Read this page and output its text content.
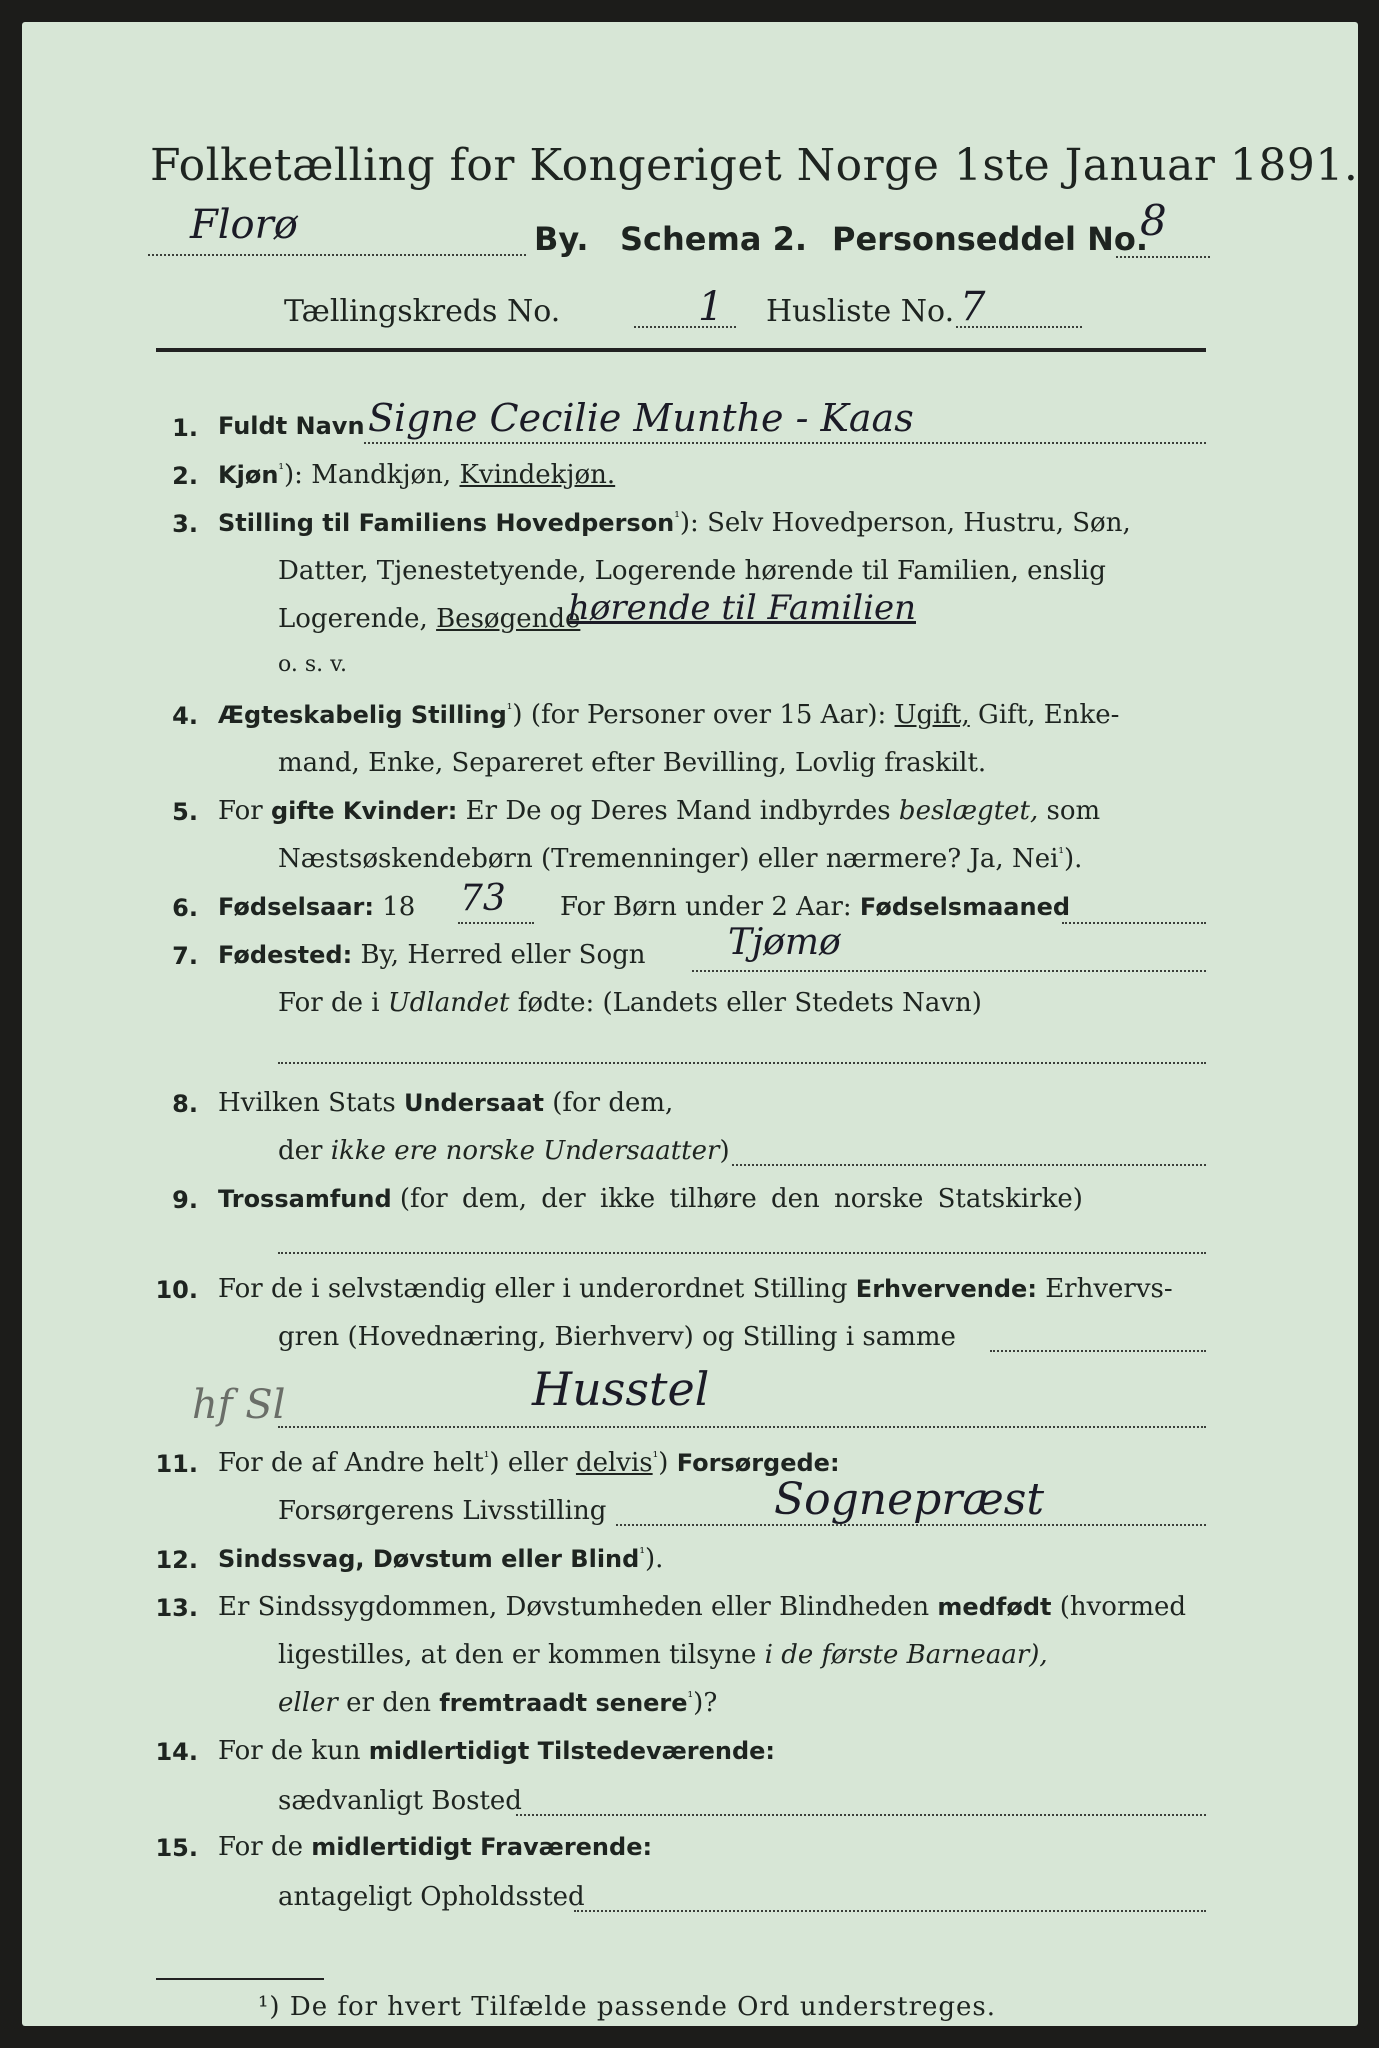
Folketælling for Kongeriget Norge 1ste Januar 1891.
Florø	By. Schema 2. Personseddel No.
8
Tællingskreds No.	1 Husliste No. 7
1. Fuldt Navn Signe Cecilie Munthe - Kaas
2. Kjøn$^{^1}$): Mandkjøn, Kvindekjøn.
3. Stilling til Familiens Hovedperson$^{^1}$): Selv Hovedperson, Hustru, Søn,
Datter, Tjenestetyende, Logerende hørende til Familien, enslig
Logerende, Besøgende
hørende til Familien
o. s. v.
4. Ægteskabelig Stilling$^{^1}$) (for Personer over 15 Aar): Ugift, Gift, Enke-
mand, Enke, Separeret efter Bevilling, Lovlig fraskilt.
5. For gifte Kvinder: Er De og Deres Mand indbyrdes beslægtet, som
Næstsøskendebørn (Tremenninger) eller nærmere? Ja, Nei$^{^1}$).
6. Fødselsaar: 18 73 For Børn under 2 Aar: Fødselsmaaned
7. Fødested: By, Herred eller Sogn Tjømø
For de i Udlandet fødte: (Landets eller Stedets Navn)
8. Hvilken Stats Undersaat (for dem,
der ikke ere norske Undersaatter)
9. Trossamfund (for dem, der ikke tilhøre den norske Statskirke)
10. For de i selvstændig eller i underordnet Stilling Erhvervende: Erhvervs-
gren (Hovednæring, Bierhverv) og Stilling i samme
hf Sl	Husstel
11. For de af Andre helt$^{^1}$) eller delvis$^{^1}$) Forsørgede:
Forsørgerens Livsstilling	Sognepræst
12. Sindssvag, Døvstum eller Blind$^{^1}$).
13. Er Sindssygdommen, Døvstumheden eller Blindheden medfødt (hvormed
ligestilles, at den er kommen tilsyne i de første Barneaar),
eller er den fremtraadt senere$^{^1}$)?
14. For de kun midlertidigt Tilstedeværende:
sædvanligt Bosted
15. For de midlertidigt Fraværende:
antageligt Opholdssted
¹) De for hvert Tilfælde passende Ord understreges.
